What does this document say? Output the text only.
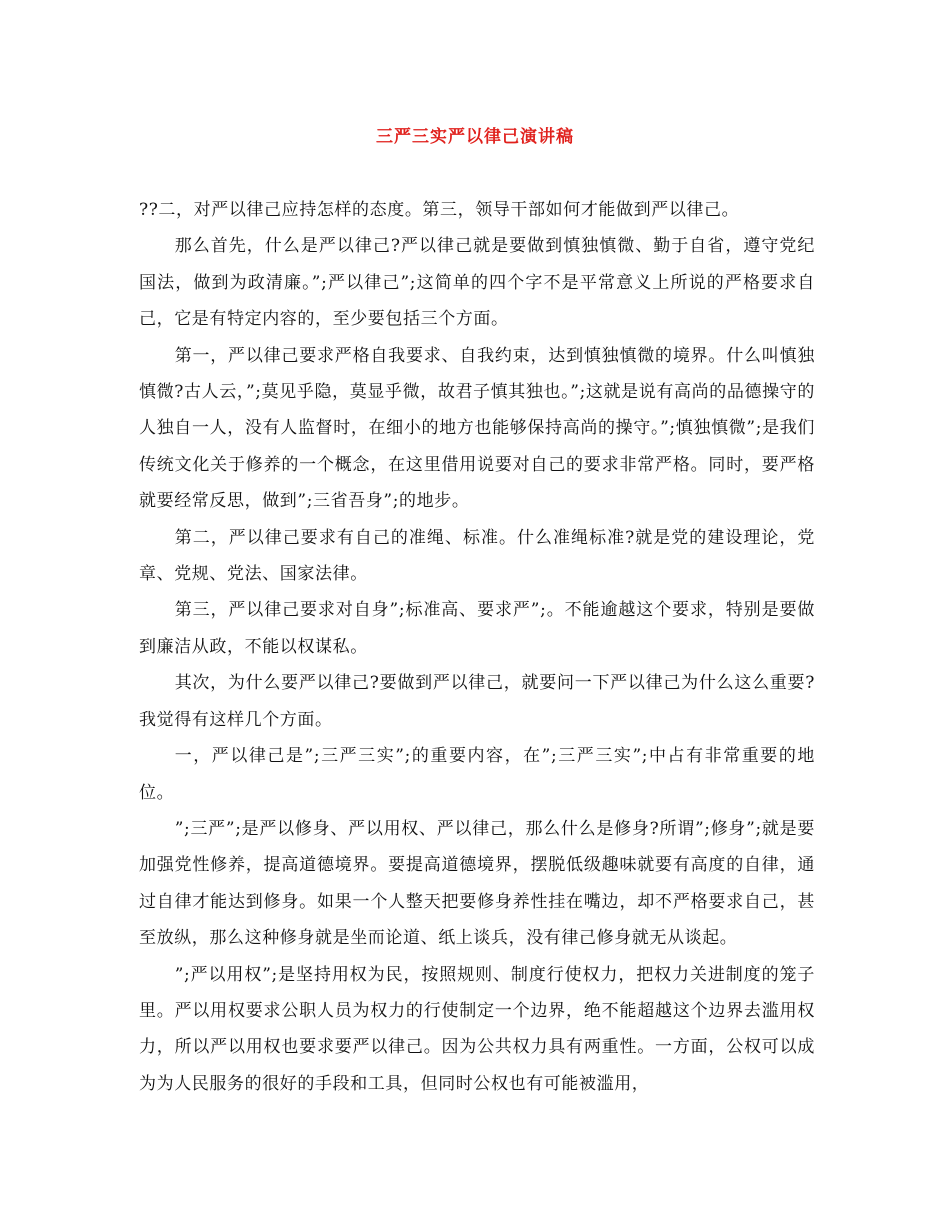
三严三实严以律己演讲稿

??二，对严以律己应持怎样的态度。第三，领导干部如何才能做到严以律己。

那么首先，什么是严以律己?严以律己就是要做到慎独慎微、勤于自省，遵守党纪国法，做到为政清廉。”;严以律己”;这简单的四个字不是平常意义上所说的严格要求自己，它是有特定内容的，至少要包括三个方面。

第一，严以律己要求严格自我要求、自我约束，达到慎独慎微的境界。什么叫慎独慎微?古人云，”;莫见乎隐，莫显乎微，故君子慎其独也。”;这就是说有高尚的品德操守的人独自一人，没有人监督时，在细小的地方也能够保持高尚的操守。”;慎独慎微”;是我们传统文化关于修养的一个概念，在这里借用说要对自己的要求非常严格。同时，要严格就要经常反思，做到”;三省吾身”;的地步。

第二，严以律己要求有自己的准绳、标准。什么准绳标准?就是党的建设理论，党章、党规、党法、国家法律。

第三，严以律己要求对自身”;标准高、要求严”;。不能逾越这个要求，特别是要做到廉洁从政，不能以权谋私。

其次，为什么要严以律己?要做到严以律己，就要问一下严以律己为什么这么重要?我觉得有这样几个方面。

一，严以律己是”;三严三实”;的重要内容，在”;三严三实”;中占有非常重要的地位。

”;三严”;是严以修身、严以用权、严以律己，那么什么是修身?所谓”;修身”;就是要加强党性修养，提高道德境界。要提高道德境界，摆脱低级趣味就要有高度的自律，通过自律才能达到修身。如果一个人整天把要修身养性挂在嘴边，却不严格要求自己，甚至放纵，那么这种修身就是坐而论道、纸上谈兵，没有律己修身就无从谈起。

”;严以用权”;是坚持用权为民，按照规则、制度行使权力，把权力关进制度的笼子里。严以用权要求公职人员为权力的行使制定一个边界，绝不能超越这个边界去滥用权力，所以严以用权也要求要严以律己。因为公共权力具有两重性。一方面，公权可以成为为人民服务的很好的手段和工具，但同时公权也有可能被滥用，
